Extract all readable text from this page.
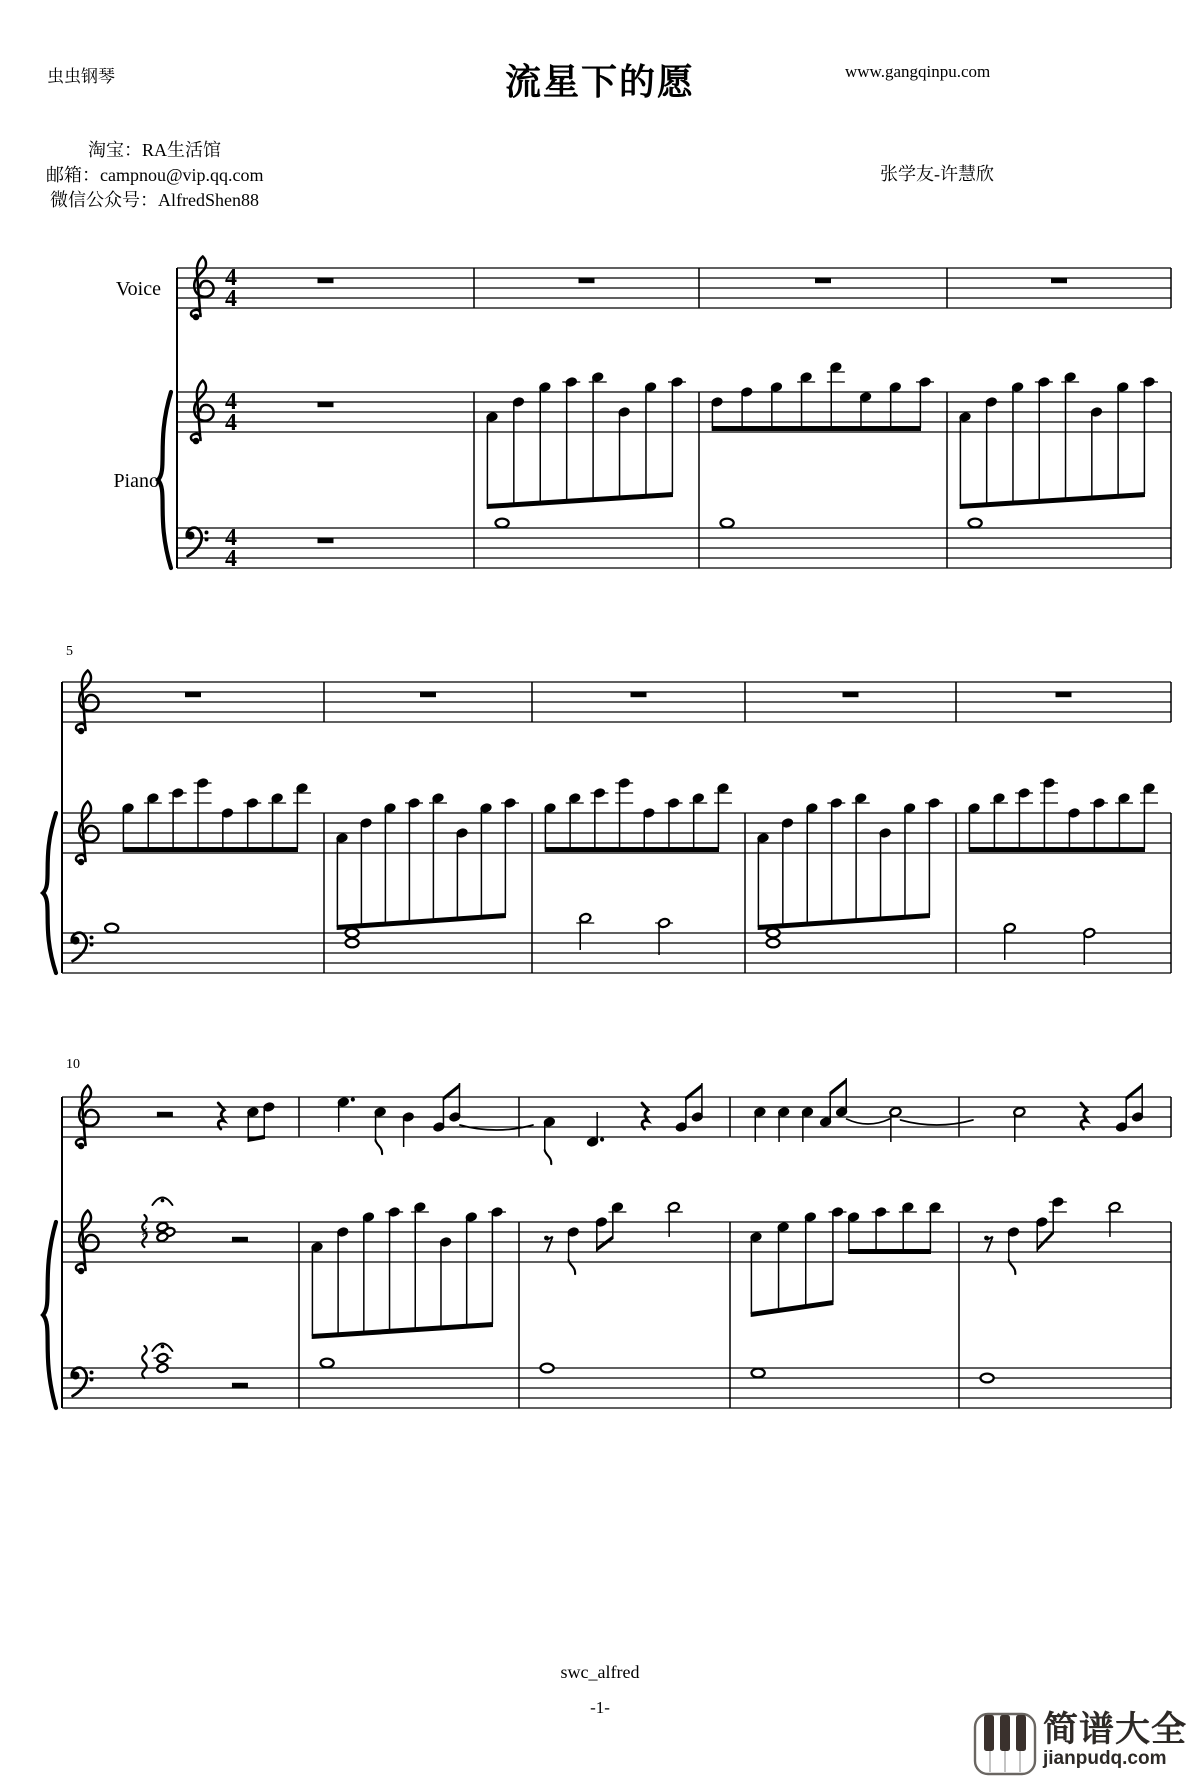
虫虫钢琴	流星下的愿	www.gangqinpu.com
淘宝：RA生活馆
邮箱：campnou@vip.qq.com
微信公众号：AlfredShen88
张学友-许慧欣
Voice
Piano
4
4
4
4
4
4
5
10
♯
swc_alfred
-1-
简谱大全
jianpudq.com
